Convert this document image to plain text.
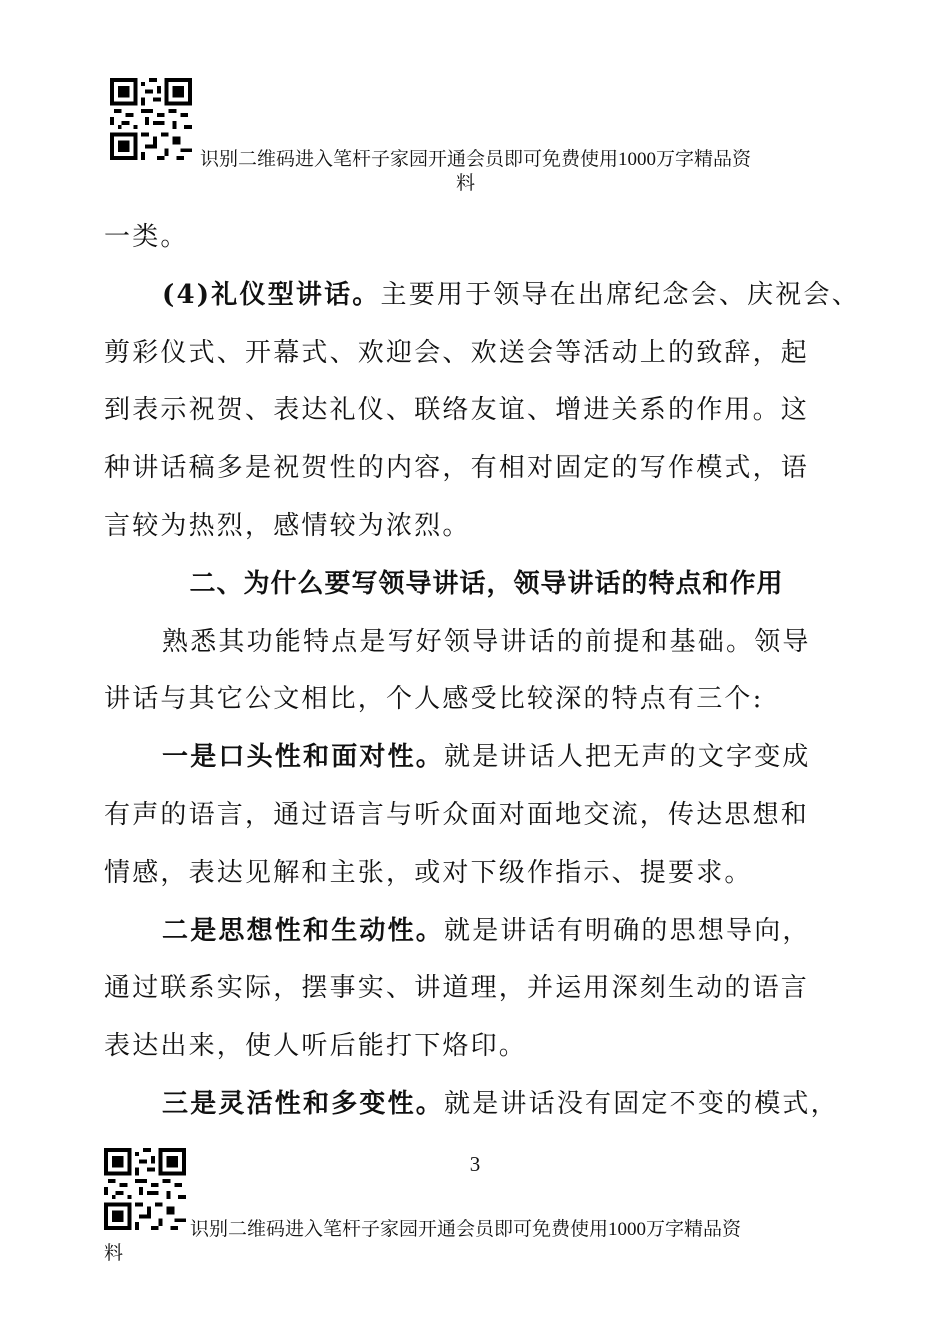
识别二维码进入笔杆子家园开通会员即可免费使用1000万字精品资
料
一类。
(4)礼仪型讲话。主要用于领导在出席纪念会、庆祝会、
剪彩仪式、开幕式、欢迎会、欢送会等活动上的致辞，起
到表示祝贺、表达礼仪、联络友谊、增进关系的作用。这
种讲话稿多是祝贺性的内容，有相对固定的写作模式，语
言较为热烈，感情较为浓烈。
二、为什么要写领导讲话，领导讲话的特点和作用
熟悉其功能特点是写好领导讲话的前提和基础。领导
讲话与其它公文相比，个人感受比较深的特点有三个:
一是口头性和面对性。就是讲话人把无声的文字变成
有声的语言，通过语言与听众面对面地交流，传达思想和
情感，表达见解和主张，或对下级作指示、提要求。
二是思想性和生动性。就是讲话有明确的思想导向，
通过联系实际，摆事实、讲道理，并运用深刻生动的语言
表达出来，使人听后能打下烙印。
三是灵活性和多变性。就是讲话没有固定不变的模式，
3
识别二维码进入笔杆子家园开通会员即可免费使用1000万字精品资
料
